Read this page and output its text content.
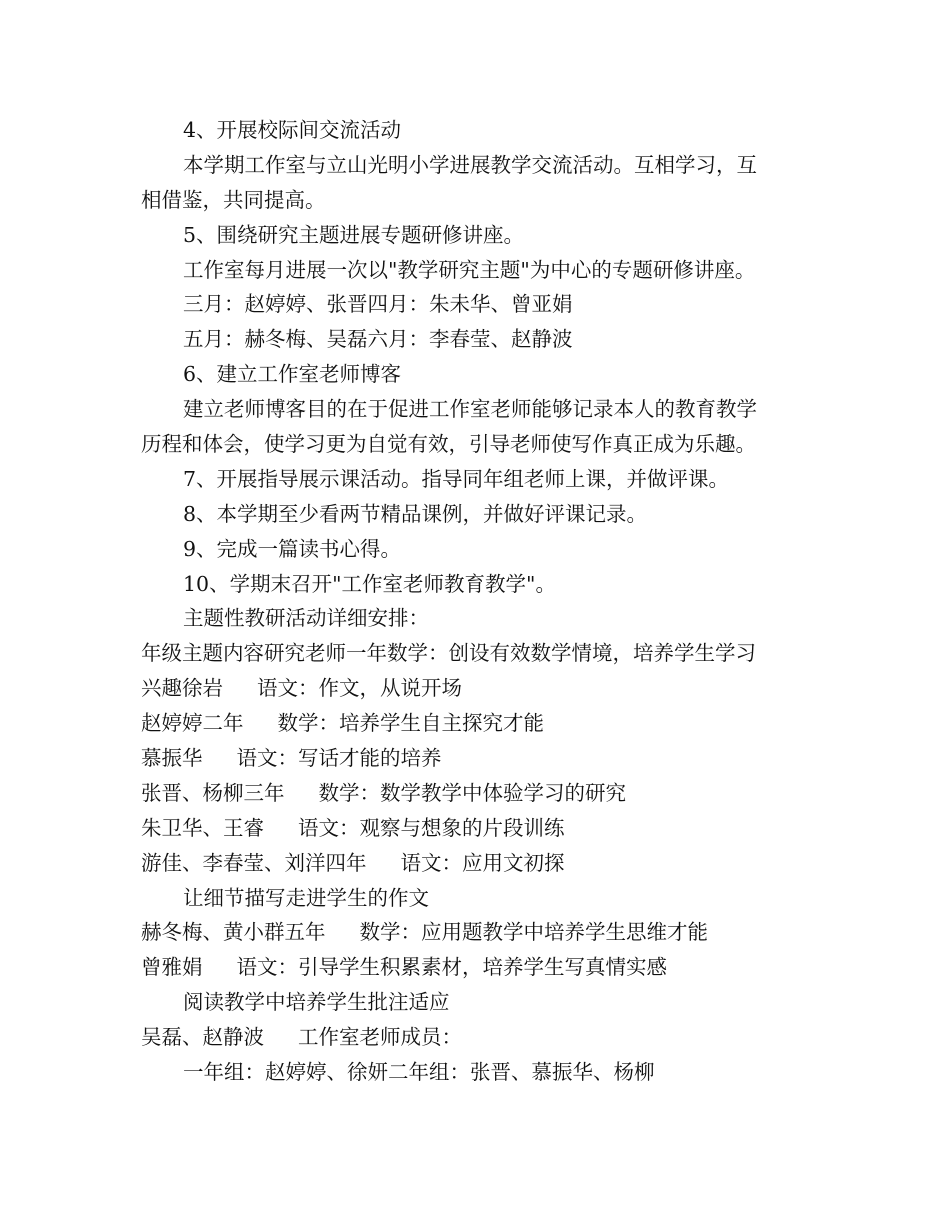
4、开展校际间交流活动
本学期工作室与立山光明小学进展教学交流活动。互相学习，互
相借鉴，共同提高。
5、围绕研究主题进展专题研修讲座。
工作室每月进展一次以"教学研究主题"为中心的专题研修讲座。
三月：赵婷婷、张晋四月：朱未华、曾亚娟
五月：赫冬梅、吴磊六月：李春莹、赵静波
6、建立工作室老师博客
建立老师博客目的在于促进工作室老师能够记录本人的教育教学
历程和体会，使学习更为自觉有效，引导老师使写作真正成为乐趣。
7、开展指导展示课活动。指导同年组老师上课，并做评课。
8、本学期至少看两节精品课例，并做好评课记录。
9、完成一篇读书心得。
10、学期末召开"工作室老师教育教学"。
主题性教研活动详细安排：
年级主题内容研究老师一年数学：创设有效数学情境，培养学生学习
兴趣徐岩 语文：作文，从说开场
赵婷婷二年 数学：培养学生自主探究才能
慕振华 语文：写话才能的培养
张晋、杨柳三年 数学：数学教学中体验学习的研究
朱卫华、王睿 语文：观察与想象的片段训练
游佳、李春莹、刘洋四年 语文：应用文初探
让细节描写走进学生的作文
赫冬梅、黄小群五年 数学：应用题教学中培养学生思维才能
曾雅娟 语文：引导学生积累素材，培养学生写真情实感
阅读教学中培养学生批注适应
吴磊、赵静波 工作室老师成员：
一年组：赵婷婷、徐妍二年组：张晋、慕振华、杨柳
